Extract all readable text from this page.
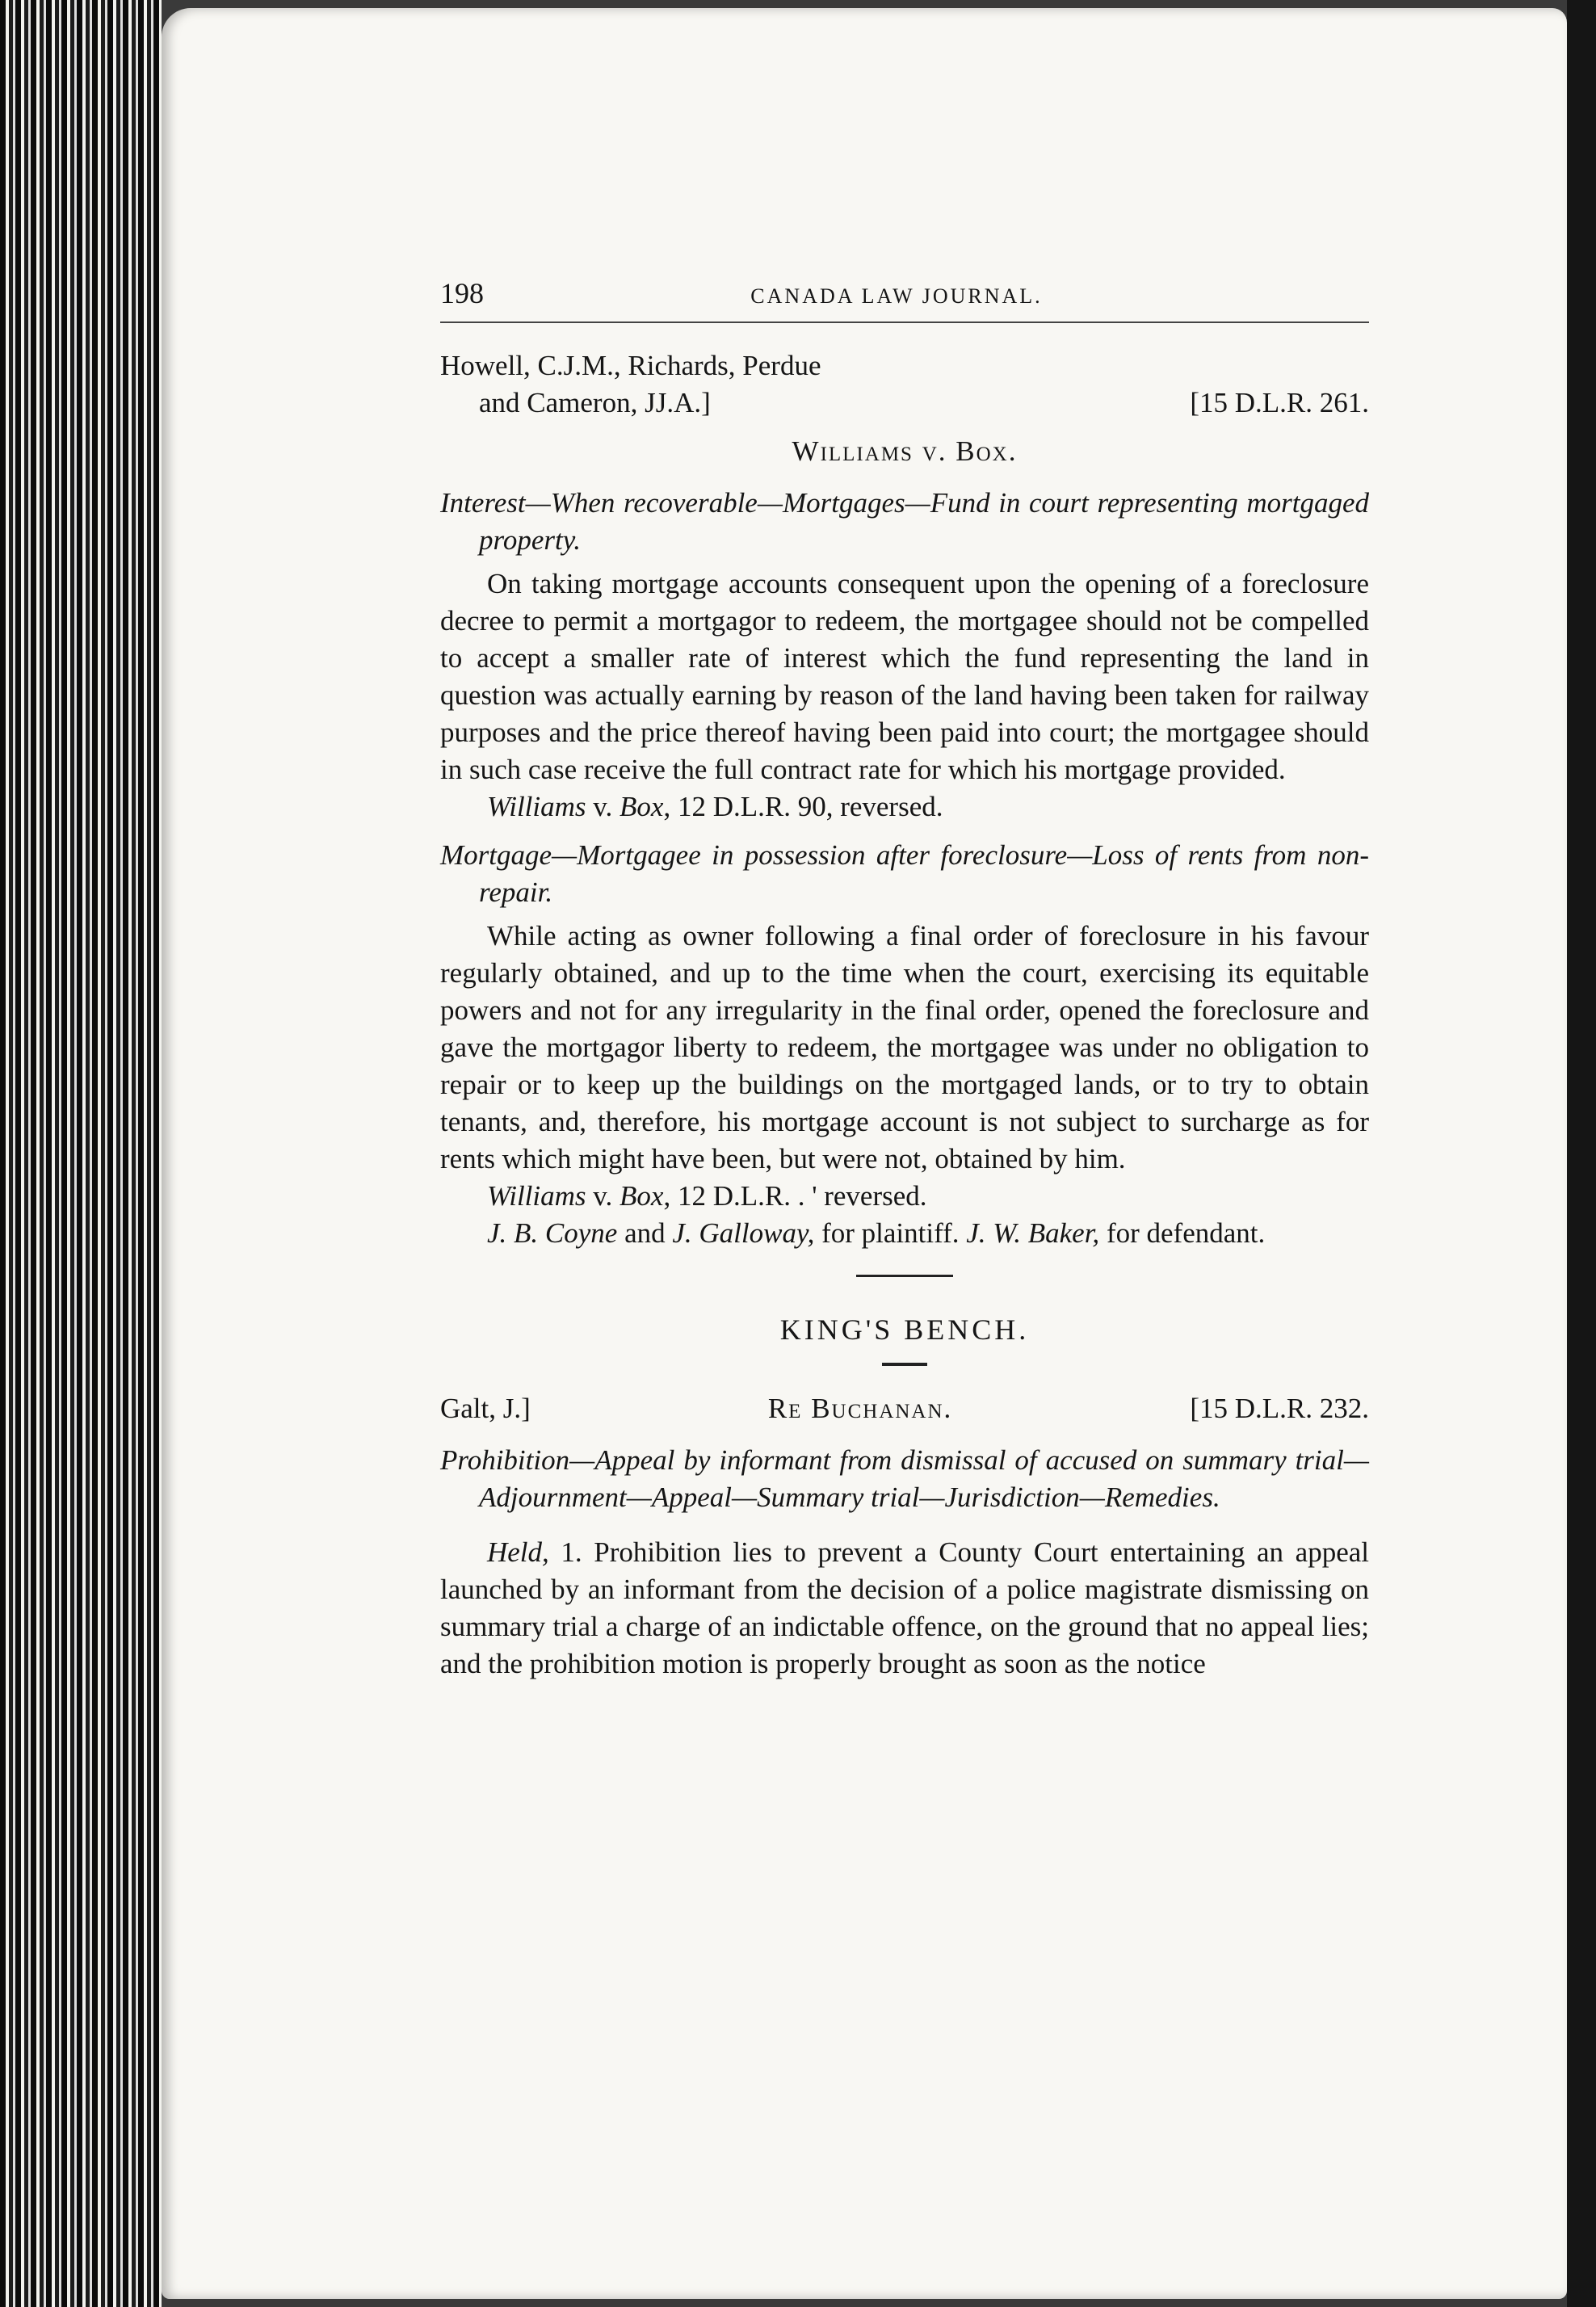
198	CANADA LAW JOURNAL.
Howell, C.J.M., Richards, Perdue
and Cameron, JJ.A.]	[15 D.L.R. 261.
Williams v. Box.

Interest—When recoverable—Mortgages—Fund in court representing mortgaged property.

On taking mortgage accounts consequent upon the opening of a foreclosure decree to permit a mortgagor to redeem, the mortgagee should not be compelled to accept a smaller rate of interest which the fund representing the land in question was actually earning by reason of the land having been taken for railway purposes and the price thereof having been paid into court; the mortgagee should in such case receive the full contract rate for which his mortgage provided.

Williams v. Box, 12 D.L.R. 90, reversed.

Mortgage—Mortgagee in possession after foreclosure—Loss of rents from non-repair.

While acting as owner following a final order of foreclosure in his favour regularly obtained, and up to the time when the court, exercising its equitable powers and not for any irregularity in the final order, opened the foreclosure and gave the mortgagor liberty to redeem, the mortgagee was under no obligation to repair or to keep up the buildings on the mortgaged lands, or to try to obtain tenants, and, therefore, his mortgage account is not subject to surcharge as for rents which might have been, but were not, obtained by him.

Williams v. Box, 12 D.L.R. . ' reversed.

J. B. Coyne and J. Galloway, for plaintiff. J. W. Baker, for defendant.

KING'S BENCH.
Galt, J.]	Re Buchanan.	[15 D.L.R. 232.

Prohibition—Appeal by informant from dismissal of accused on summary trial—Adjournment—Appeal—Summary trial—Jurisdiction—Remedies.

Held, 1. Prohibition lies to prevent a County Court entertaining an appeal launched by an informant from the decision of a police magistrate dismissing on summary trial a charge of an indictable offence, on the ground that no appeal lies; and the prohibition motion is properly brought as soon as the notice
